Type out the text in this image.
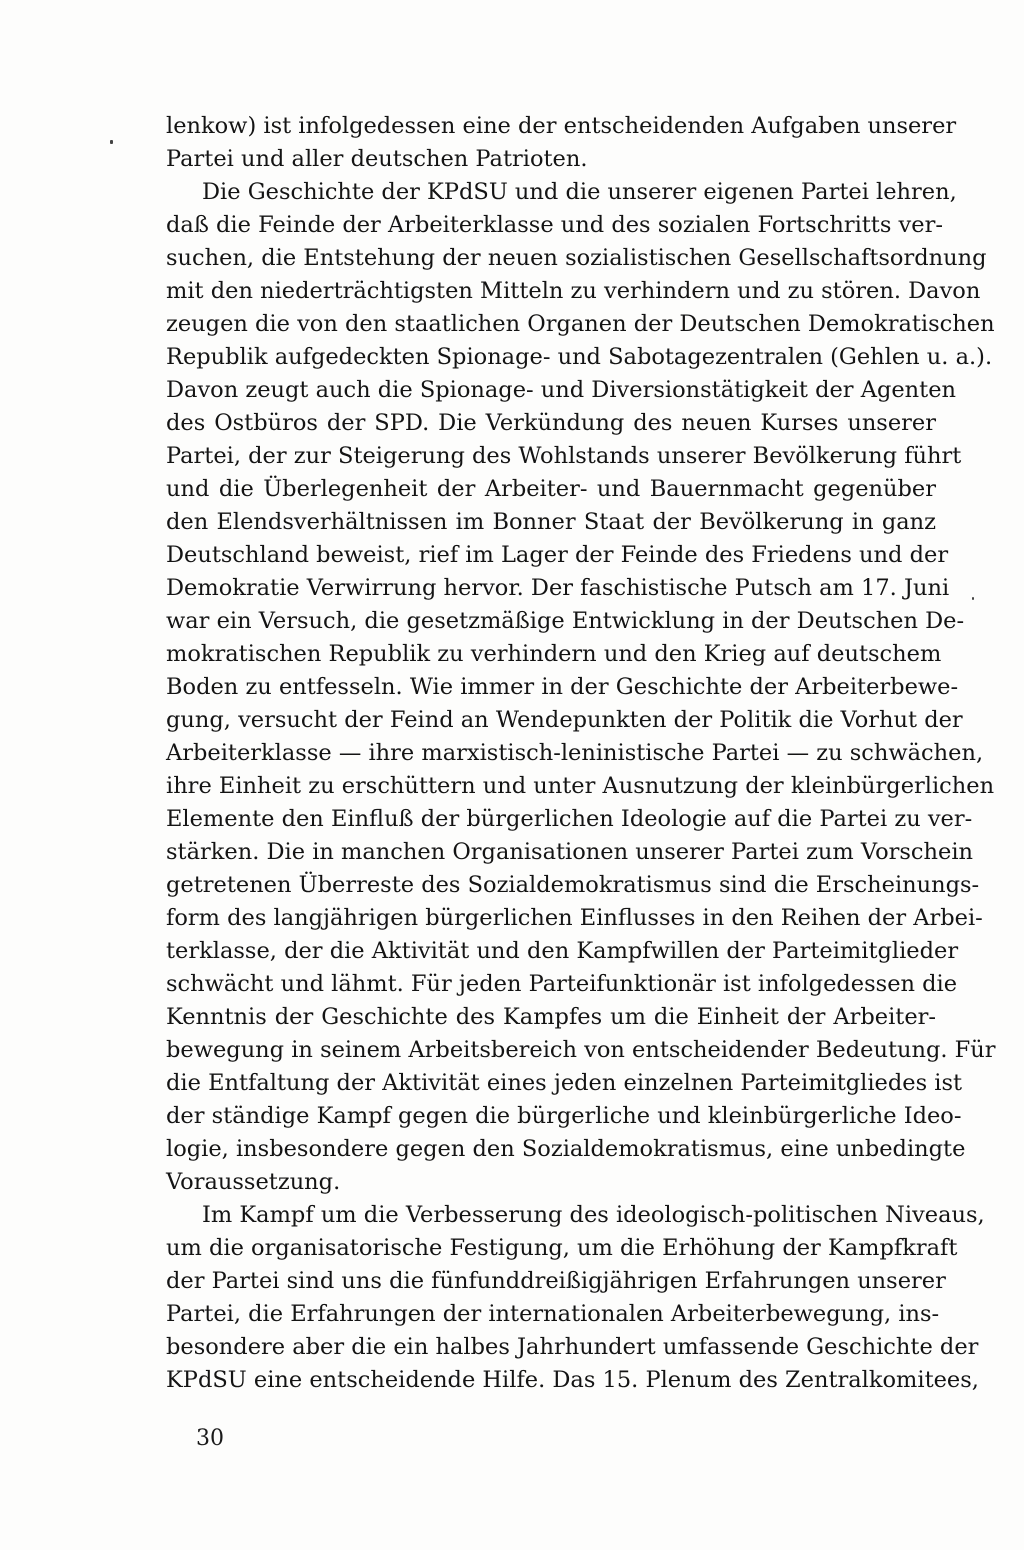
lenkow) ist infolgedessen eine der entscheidenden Aufgaben unserer
Partei und aller deutschen Patrioten.
Die Geschichte der KPdSU und die unserer eigenen Partei lehren,
daß die Feinde der Arbeiterklasse und des sozialen Fortschritts ver-
suchen, die Entstehung der neuen sozialistischen Gesellschaftsordnung
mit den niederträchtigsten Mitteln zu verhindern und zu stören. Davon
zeugen die von den staatlichen Organen der Deutschen Demokratischen
Republik aufgedeckten Spionage- und Sabotagezentralen (Gehlen u. a.).
Davon zeugt auch die Spionage- und Diversionstätigkeit der Agenten
des Ostbüros der SPD. Die Verkündung des neuen Kurses unserer
Partei, der zur Steigerung des Wohlstands unserer Bevölkerung führt
und die Überlegenheit der Arbeiter- und Bauernmacht gegenüber
den Elendsverhältnissen im Bonner Staat der Bevölkerung in ganz
Deutschland beweist, rief im Lager der Feinde des Friedens und der
Demokratie Verwirrung hervor. Der faschistische Putsch am 17. Juni
war ein Versuch, die gesetzmäßige Entwicklung in der Deutschen De-
mokratischen Republik zu verhindern und den Krieg auf deutschem
Boden zu entfesseln. Wie immer in der Geschichte der Arbeiterbewe-
gung, versucht der Feind an Wendepunkten der Politik die Vorhut der
Arbeiterklasse — ihre marxistisch-leninistische Partei — zu schwächen,
ihre Einheit zu erschüttern und unter Ausnutzung der kleinbürgerlichen
Elemente den Einfluß der bürgerlichen Ideologie auf die Partei zu ver-
stärken. Die in manchen Organisationen unserer Partei zum Vorschein
getretenen Überreste des Sozialdemokratismus sind die Erscheinungs-
form des langjährigen bürgerlichen Einflusses in den Reihen der Arbei-
terklasse, der die Aktivität und den Kampfwillen der Parteimitglieder
schwächt und lähmt. Für jeden Parteifunktionär ist infolgedessen die
Kenntnis der Geschichte des Kampfes um die Einheit der Arbeiter-
bewegung in seinem Arbeitsbereich von entscheidender Bedeutung. Für
die Entfaltung der Aktivität eines jeden einzelnen Parteimitgliedes ist
der ständige Kampf gegen die bürgerliche und kleinbürgerliche Ideo-
logie, insbesondere gegen den Sozialdemokratismus, eine unbedingte
Voraussetzung.
Im Kampf um die Verbesserung des ideologisch-politischen Niveaus,
um die organisatorische Festigung, um die Erhöhung der Kampfkraft
der Partei sind uns die fünfunddreißigjährigen Erfahrungen unserer
Partei, die Erfahrungen der internationalen Arbeiterbewegung, ins-
besondere aber die ein halbes Jahrhundert umfassende Geschichte der
KPdSU eine entscheidende Hilfe. Das 15. Plenum des Zentralkomitees,
30
